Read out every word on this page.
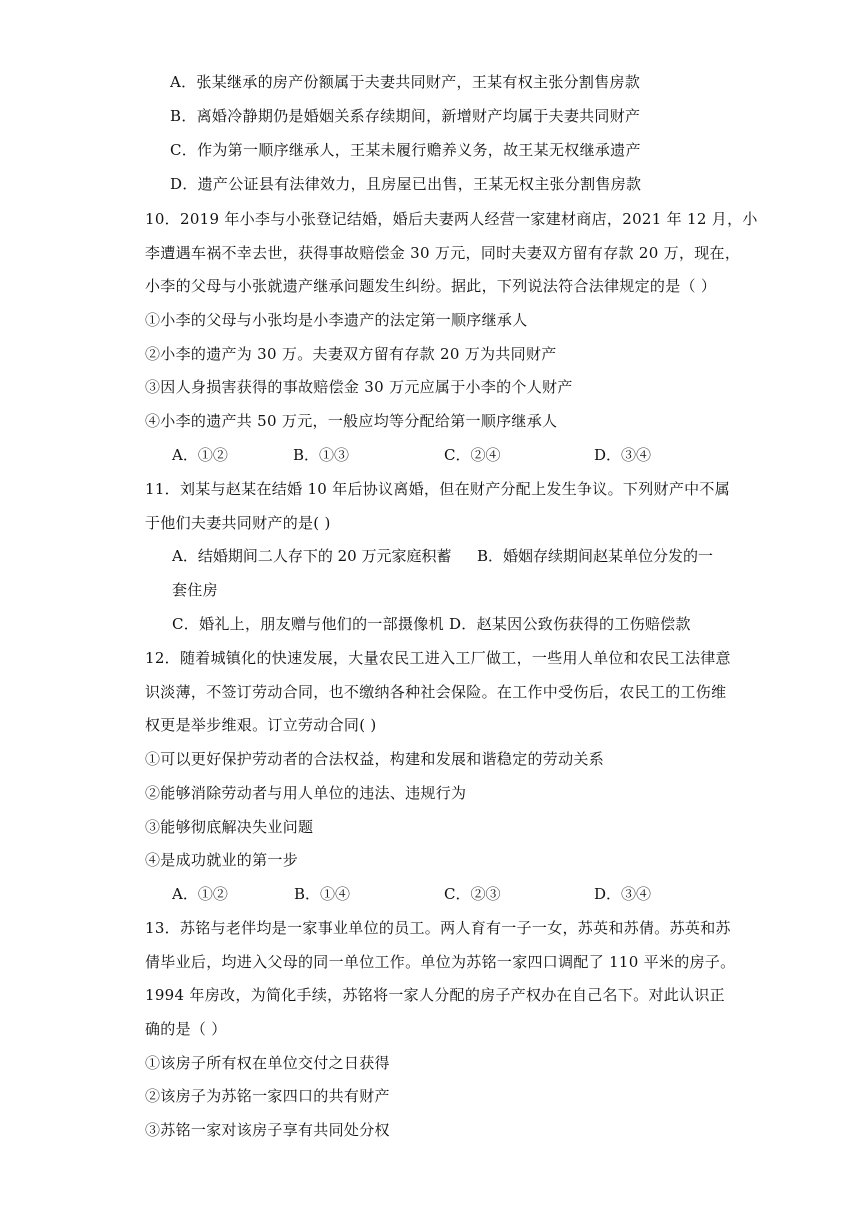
A．张某继承的房产份额属于夫妻共同财产，王某有权主张分割售房款
B．离婚冷静期仍是婚姻关系存续期间，新增财产均属于夫妻共同财产
C．作为第一顺序继承人，王某未履行赡养义务，故王某无权继承遗产
D．遗产公证县有法律效力，且房屋已出售，王某无权主张分割售房款
10．2019 年小李与小张登记结婚，婚后夫妻两人经营一家建材商店，2021 年 12 月，小
李遭遇车祸不幸去世，获得事故赔偿金 30 万元，同时夫妻双方留有存款 20 万，现在，
小李的父母与小张就遗产继承问题发生纠纷。据此，下列说法符合法律规定的是（ ）
①小李的父母与小张均是小李遗产的法定第一顺序继承人
②小李的遗产为 30 万。夫妻双方留有存款 20 万为共同财产
③因人身损害获得的事故赔偿金 30 万元应属于小李的个人财产
④小李的遗产共 50 万元，一般应均等分配给第一顺序继承人
A．①②	B．①③	C．②④	D．③④
11．刘某与赵某在结婚 10 年后协议离婚，但在财产分配上发生争议。下列财产中不属
于他们夫妻共同财产的是( )
A．结婚期间二人存下的 20 万元家庭积蓄 B．婚姻存续期间赵某单位分发的一
套住房
C．婚礼上，朋友赠与他们的一部摄像机 D．赵某因公致伤获得的工伤赔偿款
12．随着城镇化的快速发展，大量农民工进入工厂做工，一些用人单位和农民工法律意
识淡薄，不签订劳动合同，也不缴纳各种社会保险。在工作中受伤后，农民工的工伤维
权更是举步维艰。订立劳动合同( )
①可以更好保护劳动者的合法权益，构建和发展和谐稳定的劳动关系
②能够消除劳动者与用人单位的违法、违规行为
③能够彻底解决失业问题
④是成功就业的第一步
A．①②	B．①④	C．②③	D．③④
13．苏铭与老伴均是一家事业单位的员工。两人育有一子一女，苏英和苏倩。苏英和苏
倩毕业后，均进入父母的同一单位工作。单位为苏铭一家四口调配了 110 平米的房子。
1994 年房改，为简化手续，苏铭将一家人分配的房子产权办在自己名下。对此认识正
确的是（ ）
①该房子所有权在单位交付之日获得
②该房子为苏铭一家四口的共有财产
③苏铭一家对该房子享有共同处分权
